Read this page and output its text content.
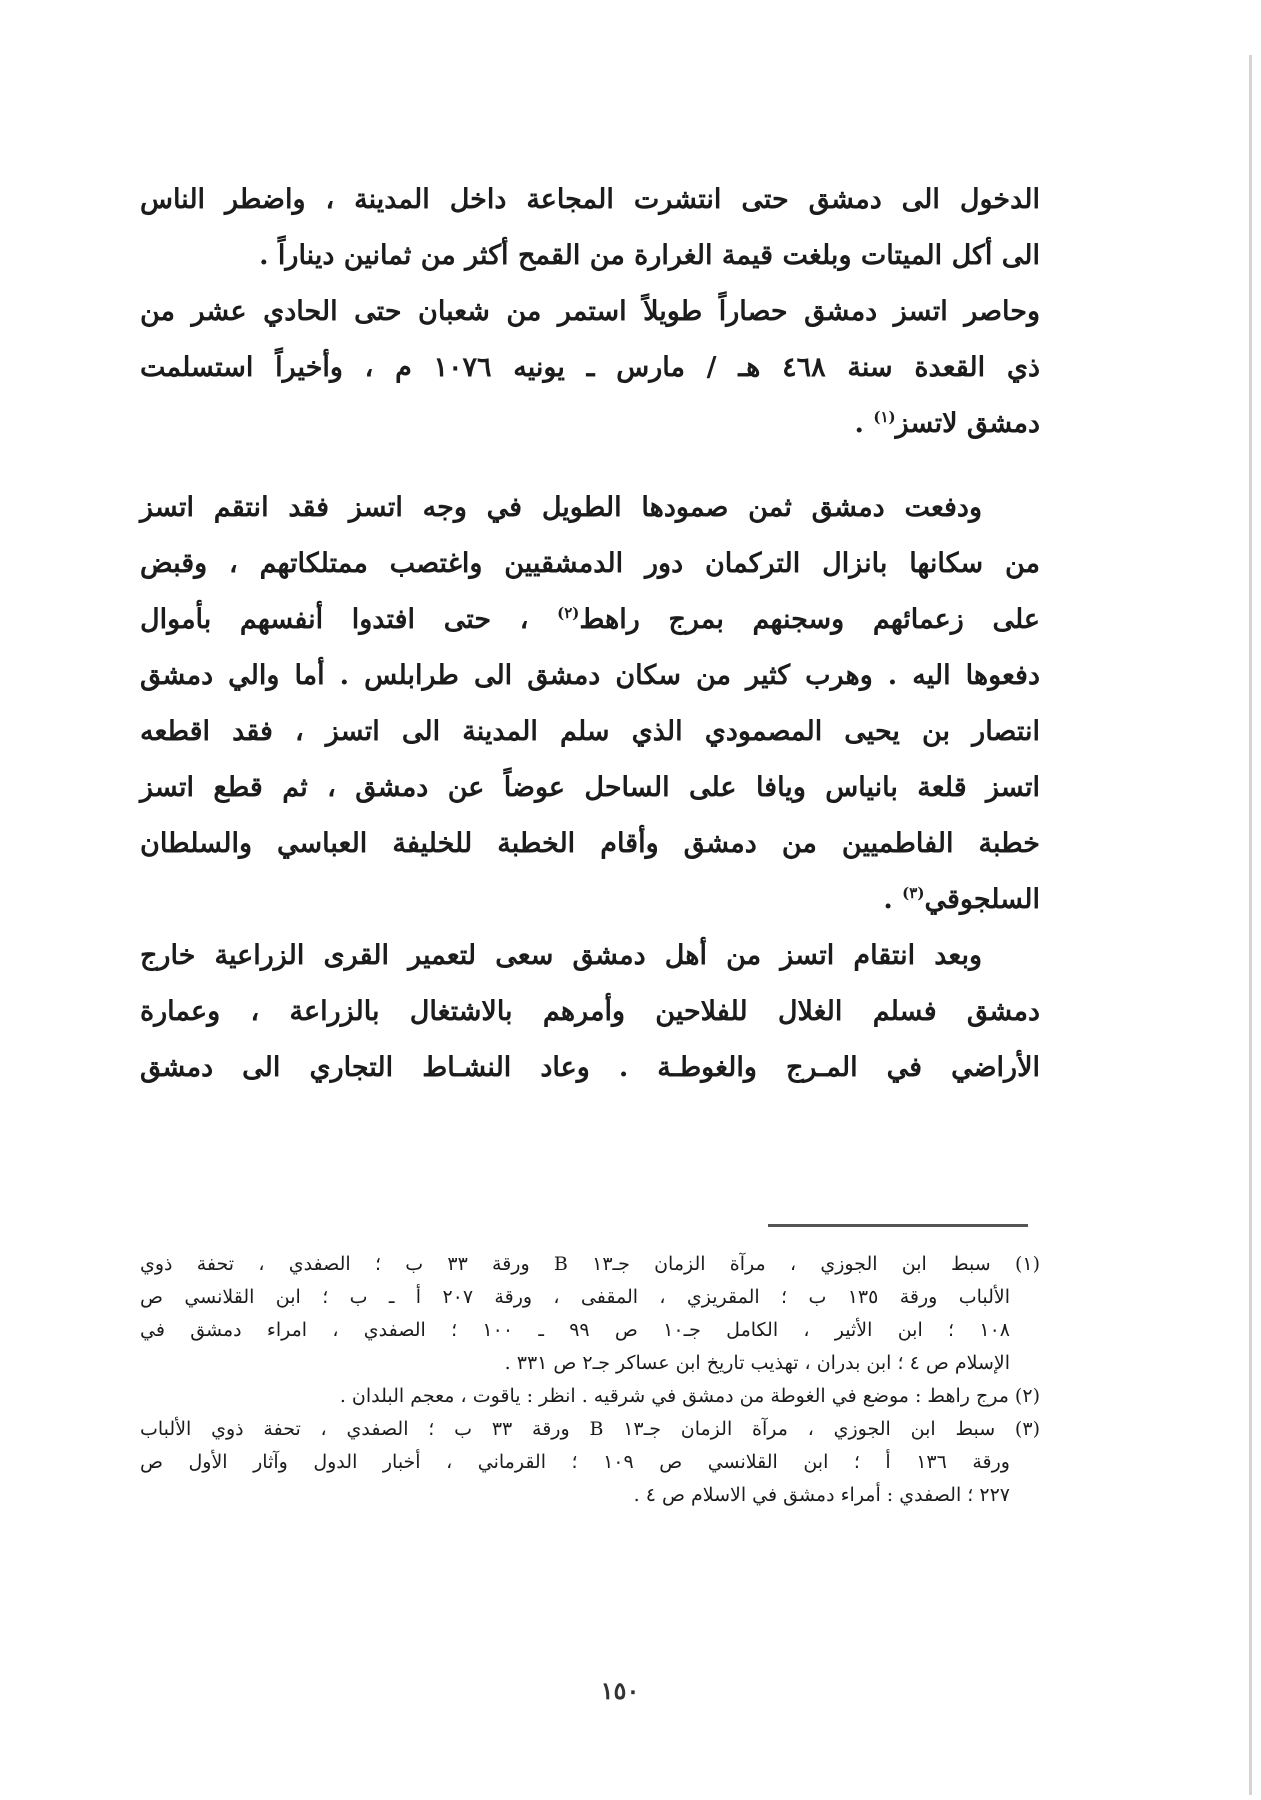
الدخول الى دمشق حتى انتشرت المجاعة داخل المدينة ، واضطر الناس
الى أكل الميتات وبلغت قيمة الغرارة من القمح أكثر من ثمانين ديناراً .
وحاصر اتسز دمشق حصاراً طويلاً استمر من شعبان حتى الحادي عشر من
ذي القعدة سنة ٤٦٨ هـ / مارس ـ يونيه ١٠٧٦ م ، وأخيراً استسلمت
دمشق لاتسز$^{(١)}$ .
ودفعت دمشق ثمن صمودها الطويل في وجه اتسز فقد انتقم اتسز
من سكانها بانزال التركمان دور الدمشقيين واغتصب ممتلكاتهم ، وقبض
على زعمائهم وسجنهم بمرج راهط$^{(٢)}$ ، حتى افتدوا أنفسهم بأموال
دفعوها اليه . وهرب كثير من سكان دمشق الى طرابلس . أما والي دمشق
انتصار بن يحيى المصمودي الذي سلم المدينة الى اتسز ، فقد اقطعه
اتسز قلعة بانياس ويافا على الساحل عوضاً عن دمشق ، ثم قطع اتسز
خطبة الفاطميين من دمشق وأقام الخطبة للخليفة العباسي والسلطان
السلجوقي$^{(٣)}$ .
وبعد انتقام اتسز من أهل دمشق سعى لتعمير القرى الزراعية خارج
دمشق فسلم الغلال للفلاحين وأمرهم بالاشتغال بالزراعة ، وعمارة
الأراضي في المـرج والغوطـة . وعاد النشـاط التجاري الى دمشق
(١) سبط ابن الجوزي ، مرآة الزمان جـ١٣ B ورقة ٣٣ ب ؛ الصفدي ، تحفة ذوي
الألباب ورقة ١٣٥ ب ؛ المقريزي ، المقفى ، ورقة ٢٠٧ أ ـ ب ؛ ابن القلانسي ص
١٠٨ ؛ ابن الأثير ، الكامل جـ١٠ ص ٩٩ ـ ١٠٠ ؛ الصفدي ، امراء دمشق في
الإسلام ص ٤ ؛ ابن بدران ، تهذيب تاريخ ابن عساكر جـ٢ ص ٣٣١ .
(٢) مرج راهط : موضع في الغوطة من دمشق في شرقيه . انظر : ياقوت ، معجم البلدان .
(٣) سبط ابن الجوزي ، مرآة الزمان جـ١٣ B ورقة ٣٣ ب ؛ الصفدي ، تحفة ذوي الألباب
ورقة ١٣٦ أ ؛ ابن القلانسي ص ١٠٩ ؛ القرماني ، أخبار الدول وآثار الأول ص
٢٢٧ ؛ الصفدي : أمراء دمشق في الاسلام ص ٤ .
١٥٠
